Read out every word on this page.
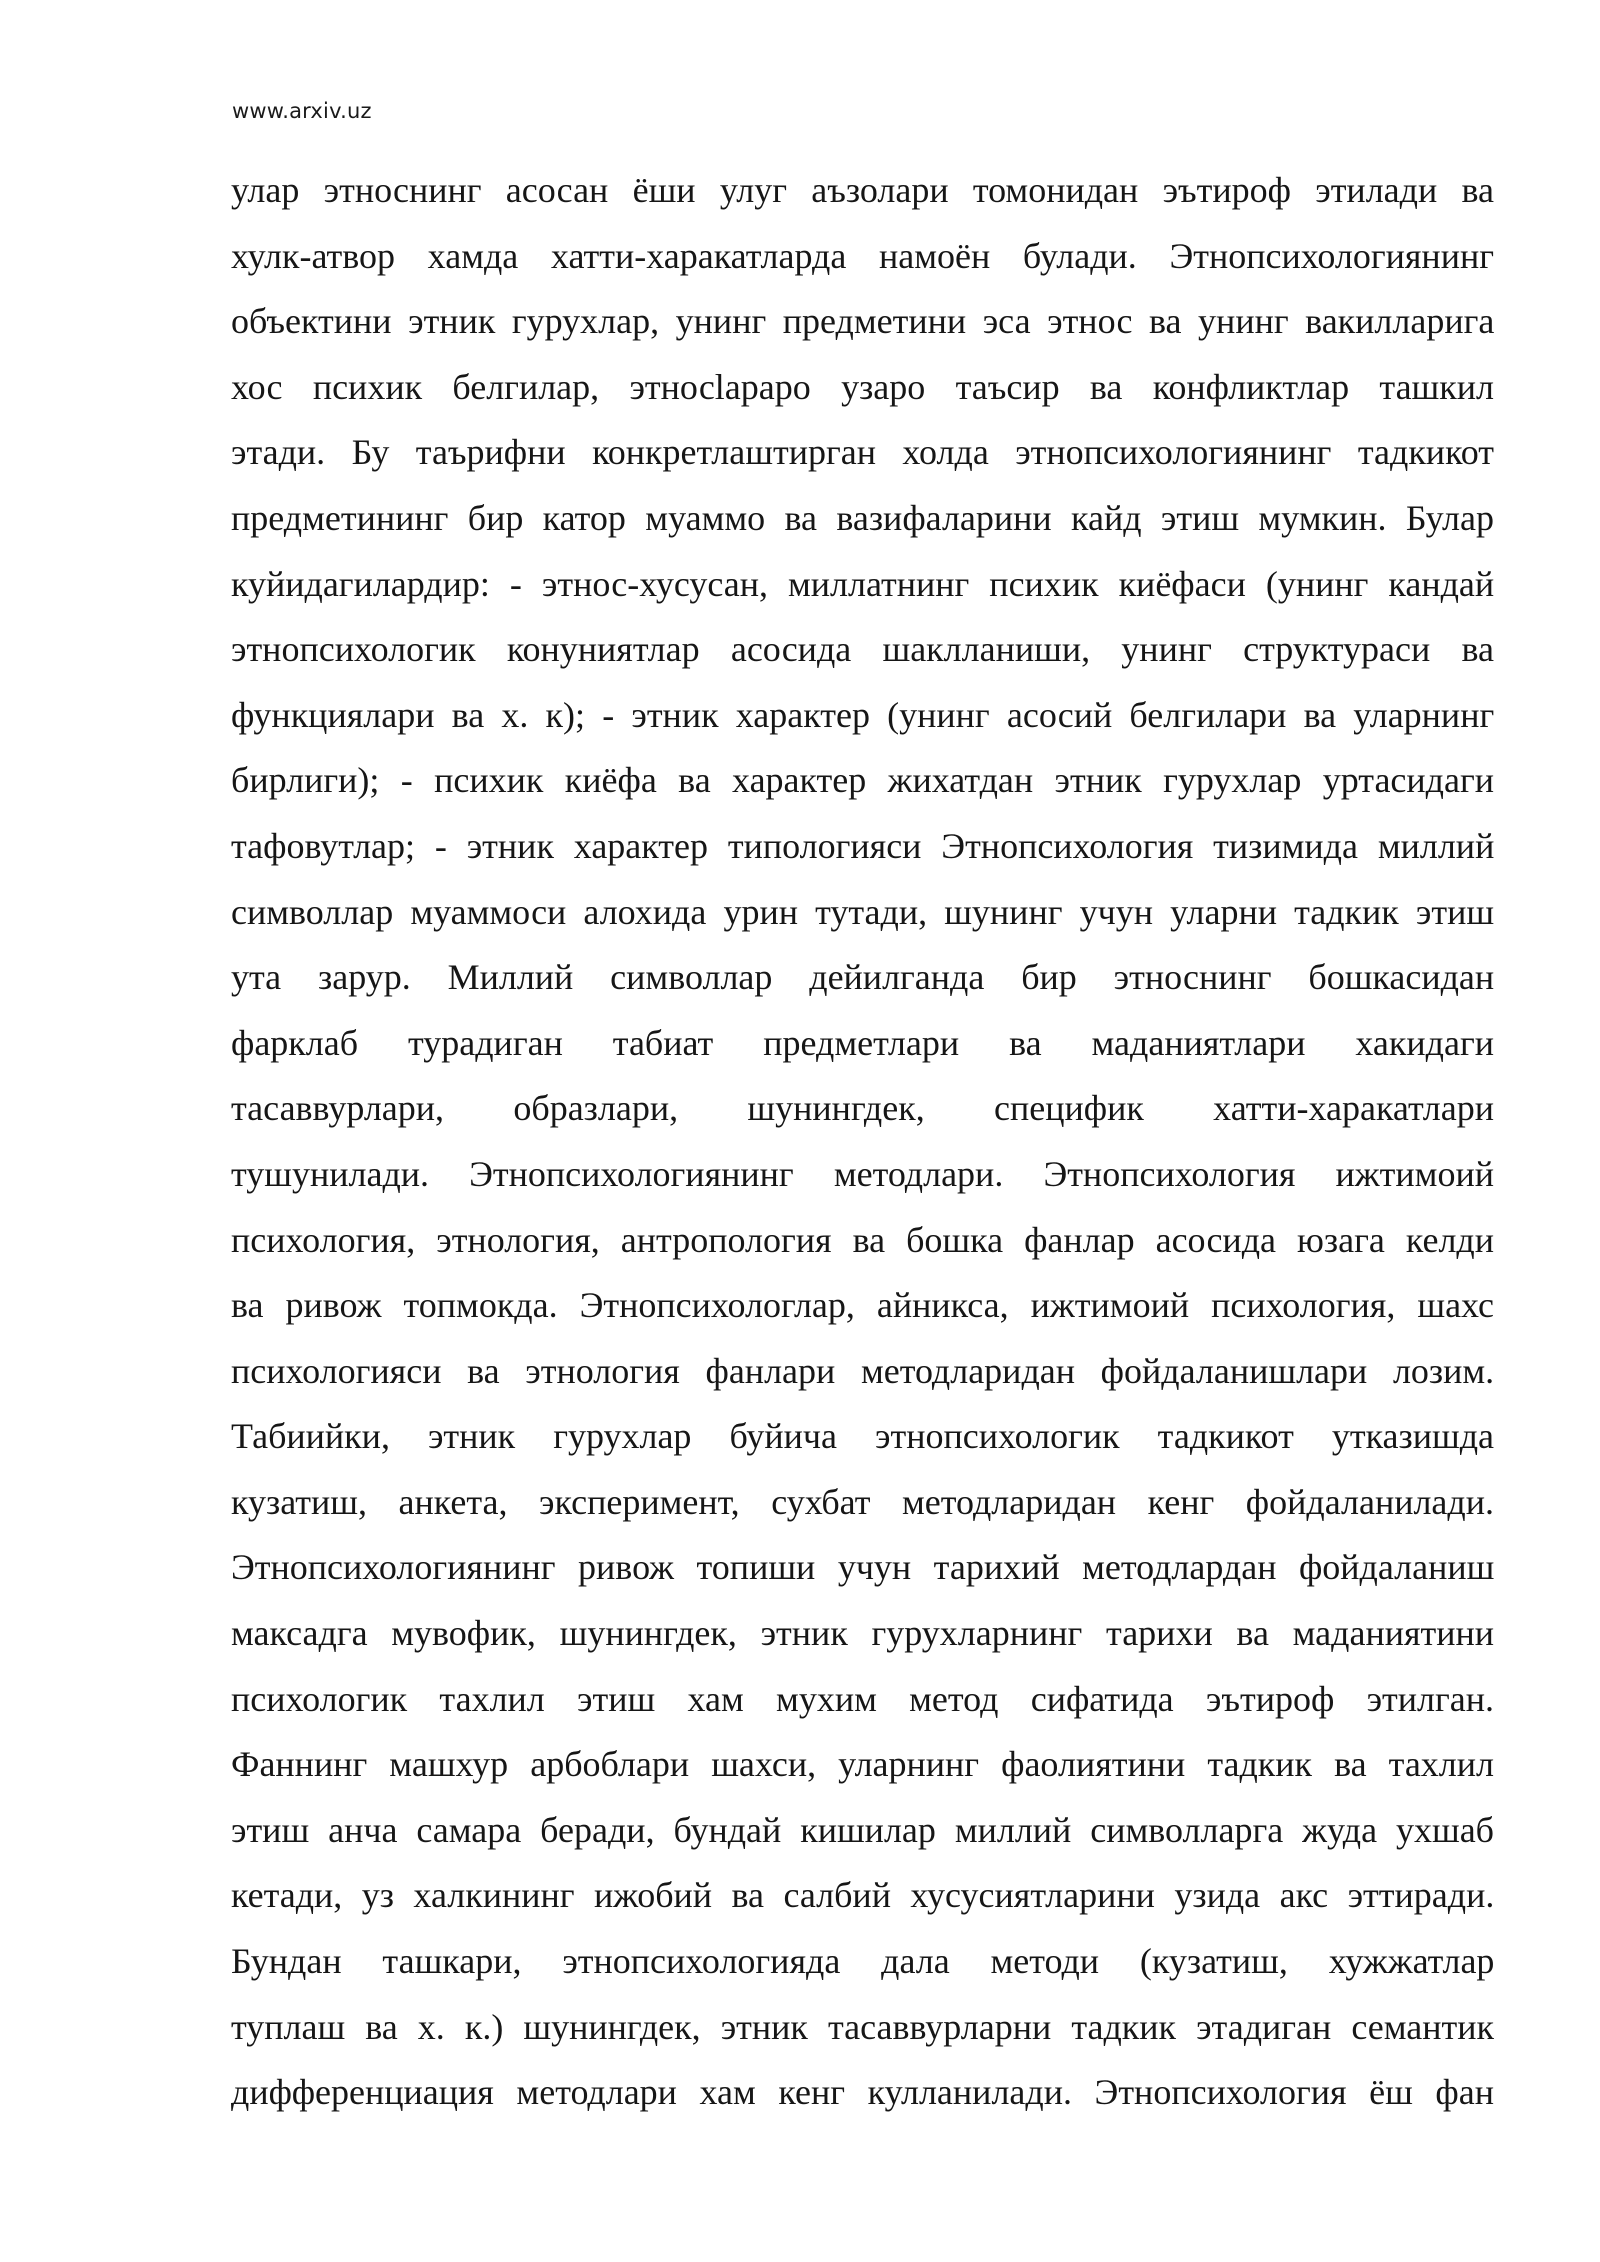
www.arxiv.uz
улар этноснинг асосан ёши улуг аъзолари томонидан эътироф этилади ва
хулк-атвор хамда хатти-харакатларда намоён булади. Этнопсихологиянинг
объектини этник гурухлар, унинг предметини эса этнос ва унинг вакилларига
хос психик белгилар, этносlараро узаро таъсир ва конфликтлар ташкил
этади. Бу таърифни конкретлаштирган холда этнопсихологиянинг тадкикот
предметининг бир катор муаммо ва вазифаларини кайд этиш мумкин. Булар
куйидагилардир: - этнос-хусусан, миллатнинг психик киёфаси (унинг кандай
этнопсихологик конуниятлар асосида шаклланиши, унинг структураси ва
функциялари ва х. к); - этник характер (унинг асосий белгилари ва уларнинг
бирлиги); - психик киёфа ва характер жихатдан этник гурухлар уртасидаги
тафовутлар; - этник характер типологияси Этнопсихология тизимида миллий
символлар муаммоси алохида урин тутади, шунинг учун уларни тадкик этиш
ута зарур. Миллий символлар дейилганда бир этноснинг бошкасидан
фарклаб турадиган табиат предметлари ва маданиятлари хакидаги
тасаввурлари, образлари, шунингдек, специфик хатти-харакатлари
тушунилади. Этнопсихологиянинг методлари. Этнопсихология ижтимоий
психология, этнология, антропология ва бошка фанлар асосида юзага келди
ва ривож топмокда. Этнопсихологлар, айникса, ижтимоий психология, шахс
психологияси ва этнология фанлари методларидан фойдаланишлари лозим.
Табиийки, этник гурухлар буйича этнопсихологик тадкикот утказишда
кузатиш, анкета, эксперимент, сухбат методларидан кенг фойдаланилади.
Этнопсихологиянинг ривож топиши учун тарихий методлардан фойдаланиш
максадга мувофик, шунингдек, этник гурухларнинг тарихи ва маданиятини
психологик тахлил этиш хам мухим метод сифатида эътироф этилган.
Фаннинг машхур арбоблари шахси, уларнинг фаолиятини тадкик ва тахлил
этиш анча самара беради, бундай кишилар миллий символларга жуда ухшаб
кетади, уз халкининг ижобий ва салбий хусусиятларини узида акс эттиради.
Бундан ташкари, этнопсихологияда дала методи (кузатиш, хужжатлар
туплаш ва х. к.) шунингдек, этник тасаввурларни тадкик этадиган семантик
дифференциация методлари хам кенг кулланилади. Этнопсихология ёш фан
